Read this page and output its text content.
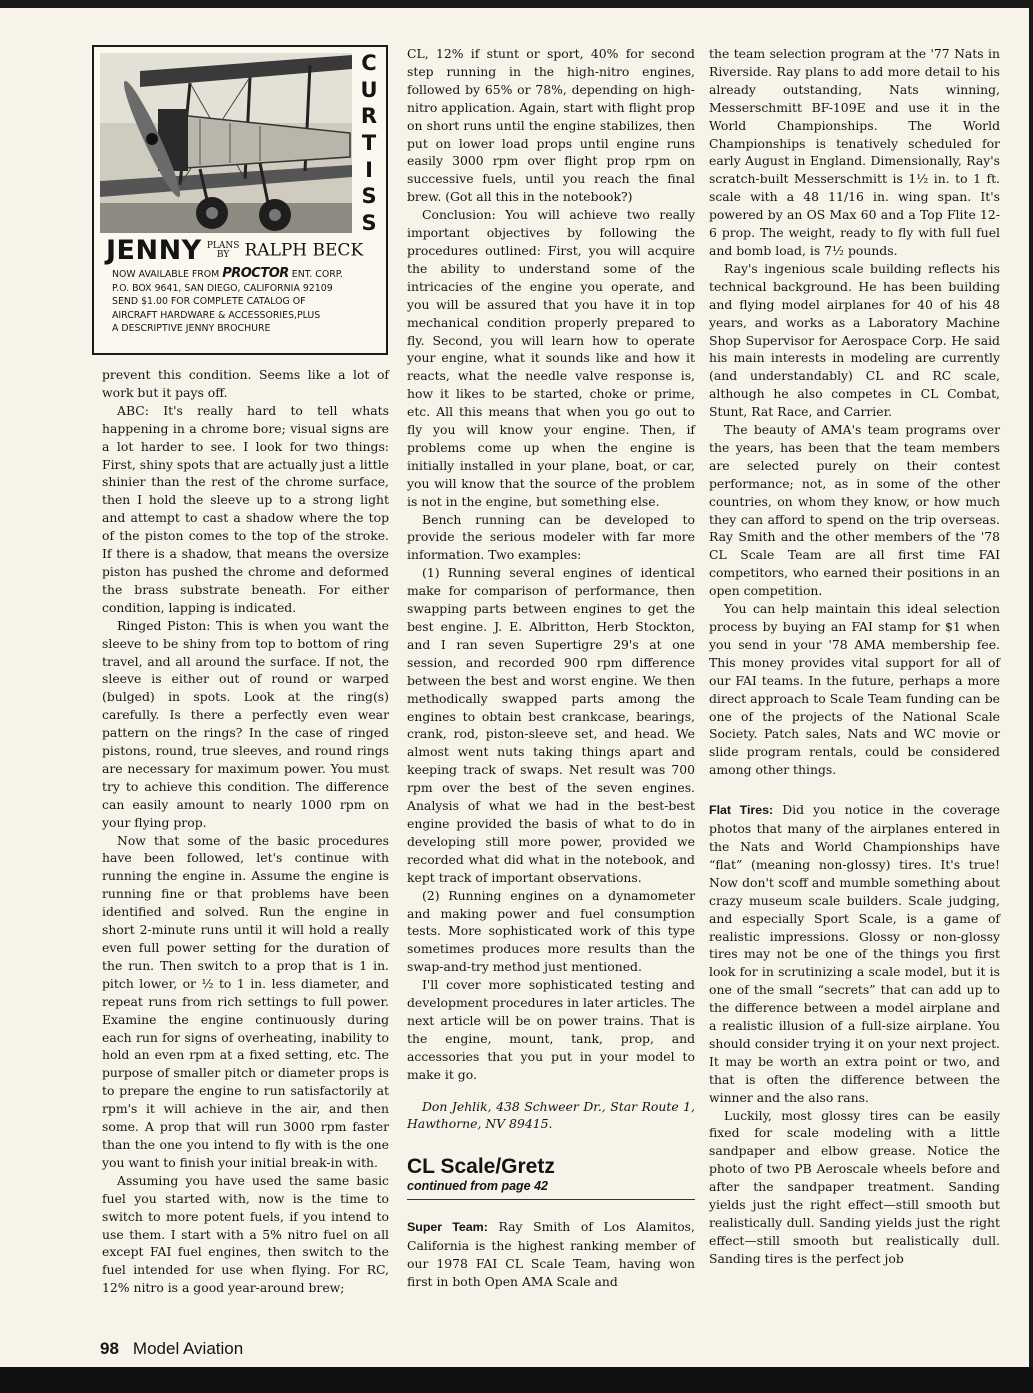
C
U
R
T
I
S
S
JENNY PLANS
BY RALPH BECK
NOW AVAILABLE FROM PROCTOR ENT. CORP.
P.O. BOX 9641, SAN DIEGO, CALIFORNIA 92109
SEND $1.00 FOR COMPLETE CATALOG OF
AIRCRAFT HARDWARE & ACCESSORIES,PLUS
A DESCRIPTIVE JENNY BROCHURE

prevent this condition. Seems like a lot of work but it pays off.

ABC: It's really hard to tell whats happening in a chrome bore; visual signs are a lot harder to see. I look for two things: First, shiny spots that are actually just a little shinier than the rest of the chrome surface, then I hold the sleeve up to a strong light and attempt to cast a shadow where the top of the piston comes to the top of the stroke. If there is a shadow, that means the oversize piston has pushed the chrome and deformed the brass substrate beneath. For either condition, lapping is indicated.

Ringed Piston: This is when you want the sleeve to be shiny from top to bottom of ring travel, and all around the surface. If not, the sleeve is either out of round or warped (bulged) in spots. Look at the ring(s) carefully. Is there a perfectly even wear pattern on the rings? In the case of ringed pistons, round, true sleeves, and round rings are necessary for maximum power. You must try to achieve this condition. The difference can easily amount to nearly 1000 rpm on your flying prop.

Now that some of the basic procedures have been followed, let's continue with running the engine in. Assume the engine is running fine or that problems have been identified and solved. Run the engine in short 2-minute runs until it will hold a really even full power setting for the duration of the run. Then switch to a prop that is 1 in. pitch lower, or ½ to 1 in. less diameter, and repeat runs from rich settings to full power. Examine the engine continuously during each run for signs of overheating, inability to hold an even rpm at a fixed setting, etc. The purpose of smaller pitch or diameter props is to prepare the engine to run satisfactorily at rpm's it will achieve in the air, and then some. A prop that will run 3000 rpm faster than the one you intend to fly with is the one you want to finish your initial break-in with.

Assuming you have used the same basic fuel you started with, now is the time to switch to more potent fuels, if you intend to use them. I start with a 5% nitro fuel on all except FAI fuel engines, then switch to the fuel intended for use when flying. For RC, 12% nitro is a good year-around brew;

CL, 12% if stunt or sport, 40% for second step running in the high-nitro engines, followed by 65% or 78%, depending on high-nitro application. Again, start with flight prop on short runs until the engine stabilizes, then put on lower load props until engine runs easily 3000 rpm over flight prop rpm on successive fuels, until you reach the final brew. (Got all this in the notebook?)

Conclusion: You will achieve two really important objectives by following the procedures outlined: First, you will acquire the ability to understand some of the intricacies of the engine you operate, and you will be assured that you have it in top mechanical condition properly prepared to fly. Second, you will learn how to operate your engine, what it sounds like and how it reacts, what the needle valve response is, how it likes to be started, choke or prime, etc. All this means that when you go out to fly you will know your engine. Then, if problems come up when the engine is initially installed in your plane, boat, or car, you will know that the source of the problem is not in the engine, but something else.

Bench running can be developed to provide the serious modeler with far more information. Two examples:

(1) Running several engines of identical make for comparison of performance, then swapping parts between engines to get the best engine. J. E. Albritton, Herb Stockton, and I ran seven Supertigre 29's at one session, and recorded 900 rpm difference between the best and worst engine. We then methodically swapped parts among the engines to obtain best crankcase, bearings, crank, rod, piston-sleeve set, and head. We almost went nuts taking things apart and keeping track of swaps. Net result was 700 rpm over the best of the seven engines. Analysis of what we had in the best-best engine provided the basis of what to do in developing still more power, provided we recorded what did what in the notebook, and kept track of important observations.

(2) Running engines on a dynamometer and making power and fuel consumption tests. More sophisticated work of this type sometimes produces more results than the swap-and-try method just mentioned.

I'll cover more sophisticated testing and development procedures in later articles. The next article will be on power trains. That is the engine, mount, tank, prop, and accessories that you put in your model to make it go.

Don Jehlik, 438 Schweer Dr., Star Route 1, Hawthorne, NV 89415.

CL Scale/Gretz
continued from page 42

Super Team: Ray Smith of Los Alamitos, California is the highest ranking member of our 1978 FAI CL Scale Team, having won first in both Open AMA Scale and

the team selection program at the '77 Nats in Riverside. Ray plans to add more detail to his already outstanding, Nats winning, Messerschmitt BF-109E and use it in the World Championships. The World Championships is tenatively scheduled for early August in England. Dimensionally, Ray's scratch-built Messerschmitt is 1½ in. to 1 ft. scale with a 48 11/16 in. wing span. It's powered by an OS Max 60 and a Top Flite 12-6 prop. The weight, ready to fly with full fuel and bomb load, is 7½ pounds.

Ray's ingenious scale building reflects his technical background. He has been building and flying model airplanes for 40 of his 48 years, and works as a Laboratory Machine Shop Supervisor for Aerospace Corp. He said his main interests in modeling are currently (and understandably) CL and RC scale, although he also competes in CL Combat, Stunt, Rat Race, and Carrier.

The beauty of AMA's team programs over the years, has been that the team members are selected purely on their contest performance; not, as in some of the other countries, on whom they know, or how much they can afford to spend on the trip overseas. Ray Smith and the other members of the '78 CL Scale Team are all first time FAI competitors, who earned their positions in an open competition.

You can help maintain this ideal selection process by buying an FAI stamp for $1 when you send in your '78 AMA membership fee. This money provides vital support for all of our FAI teams. In the future, perhaps a more direct approach to Scale Team funding can be one of the projects of the National Scale Society. Patch sales, Nats and WC movie or slide program rentals, could be considered among other things.

Flat Tires: Did you notice in the coverage photos that many of the airplanes entered in the Nats and World Championships have “flat” (meaning non-glossy) tires. It's true! Now don't scoff and mumble something about crazy museum scale builders. Scale judging, and especially Sport Scale, is a game of realistic impressions. Glossy or non-glossy tires may not be one of the things you first look for in scrutinizing a scale model, but it is one of the small “secrets” that can add up to the difference between a model airplane and a realistic illusion of a full-size airplane. You should consider trying it on your next project. It may be worth an extra point or two, and that is often the difference between the winner and the also rans.

Luckily, most glossy tires can be easily fixed for scale modeling with a little sandpaper and elbow grease. Notice the photo of two PB Aeroscale wheels before and after the sandpaper treatment. Sanding yields just the right effect—still smooth but realistically dull. Sanding yields just the right effect—still smooth but realistically dull. Sanding tires is the perfect job

98 Model Aviation
